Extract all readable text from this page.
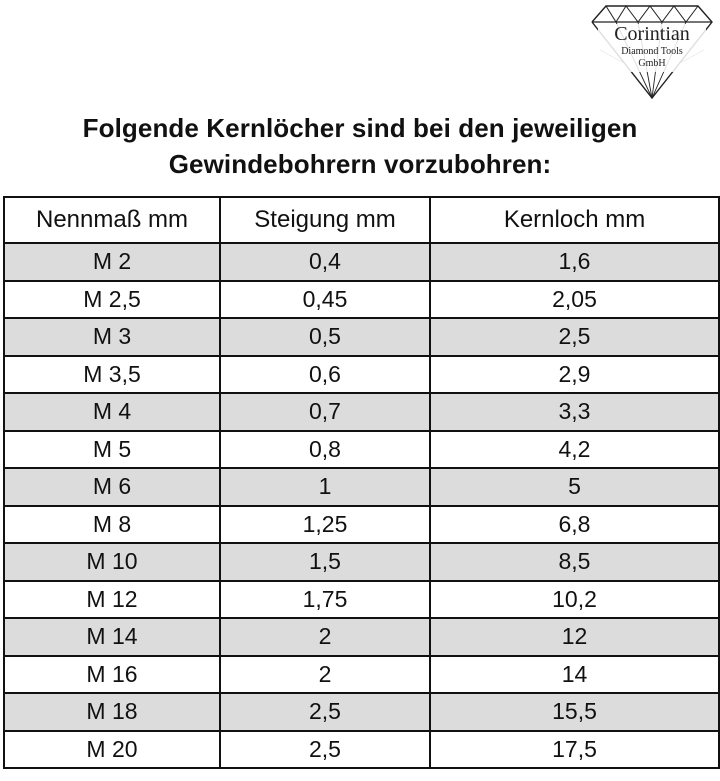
Corintian
Diamond Tools
GmbH
Folgende Kernlöcher sind bei den jeweiligen
Gewindebohrern vorzubohren:
Nennmaß mm	Steigung mm	Kernloch mm
M 2	0,4	1,6
M 2,5	0,45	2,05
M 3	0,5	2,5
M 3,5	0,6	2,9
M 4	0,7	3,3
M 5	0,8	4,2
M 6	1	5
M 8	1,25	6,8
M 10	1,5	8,5
M 12	1,75	10,2
M 14	2	12
M 16	2	14
M 18	2,5	15,5
M 20	2,5	17,5
